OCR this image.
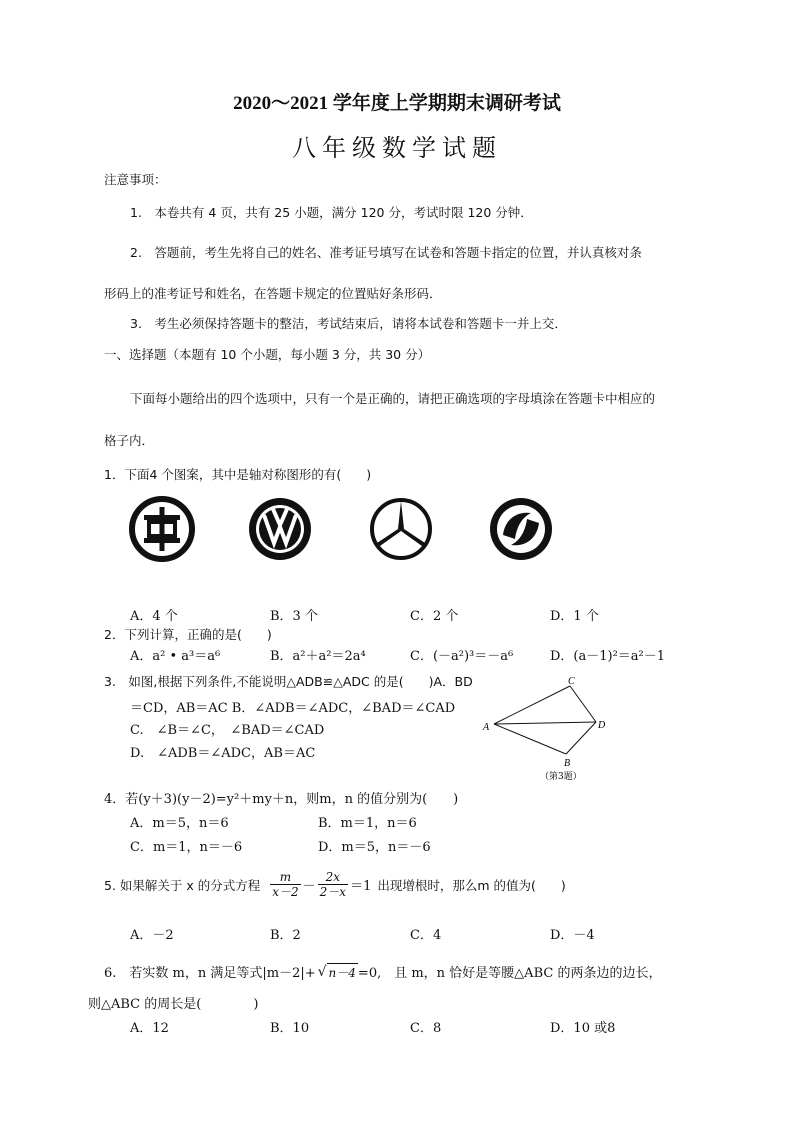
2020～2021 学年度上学期期末调研考试
八年级数学试题
注意事项：
1.　本卷共有 4 页，共有 25 小题，满分 120 分，考试时限 120 分钟．
2.　答题前，考生先将自己的姓名、准考证号填写在试卷和答题卡指定的位置，并认真核对条
形码上的准考证号和姓名，在答题卡规定的位置贴好条形码．
3.　考生必须保持答题卡的整洁，考试结束后，请将本试卷和答题卡一并上交．
一、选择题（本题有 10 个小题，每小题 3 分，共 30 分）
下面每小题给出的四个选项中，只有一个是正确的，请把正确选项的字母填涂在答题卡中相应的
格子内．
1．下面4 个图案，其中是轴对称图形的有(　　)
A．4 个	B．3 个	C．2 个	D．1 个
2．下列计算，正确的是(　　)
A．a² • a³＝a⁶	B．a²＋a²＝2a⁴	C．(－a²)³＝－a⁶	D．(a－1)²＝a²－1
3.　如图,根据下列条件,不能说明△ADB≌△ADC 的是(　　)A．BD
＝CD，AB＝AC B．∠ADB＝∠ADC，∠BAD＝∠CAD
C.　∠B＝∠C，　∠BAD＝∠CAD
D.　∠ADB＝∠ADC，AB＝AC
C
A	D
B
（第3题）
4．若(y＋3)(y－2)=y²＋my＋n，则m，n 的值分别为(　　)
A．m＝5，n＝6	B．m＝1，n＝6
C．m＝1，n＝－6	D．m＝5，n＝－6
5. 如果解关于 x 的分式方程 $\frac{m}{x-2} - \frac{2x}{2-x} =1$ 出现增根时，那么m 的值为(　　)
A．－2	B．2	C．4	D．－4
6.　若实数 m，n 满足等式|m－2|+ √ n－4 =0,　且 m，n 恰好是等腰△ABC 的两条边的边长，
则△ABC 的周长是(　　　　)
A．12	B．10	C．8	D．10 或8
